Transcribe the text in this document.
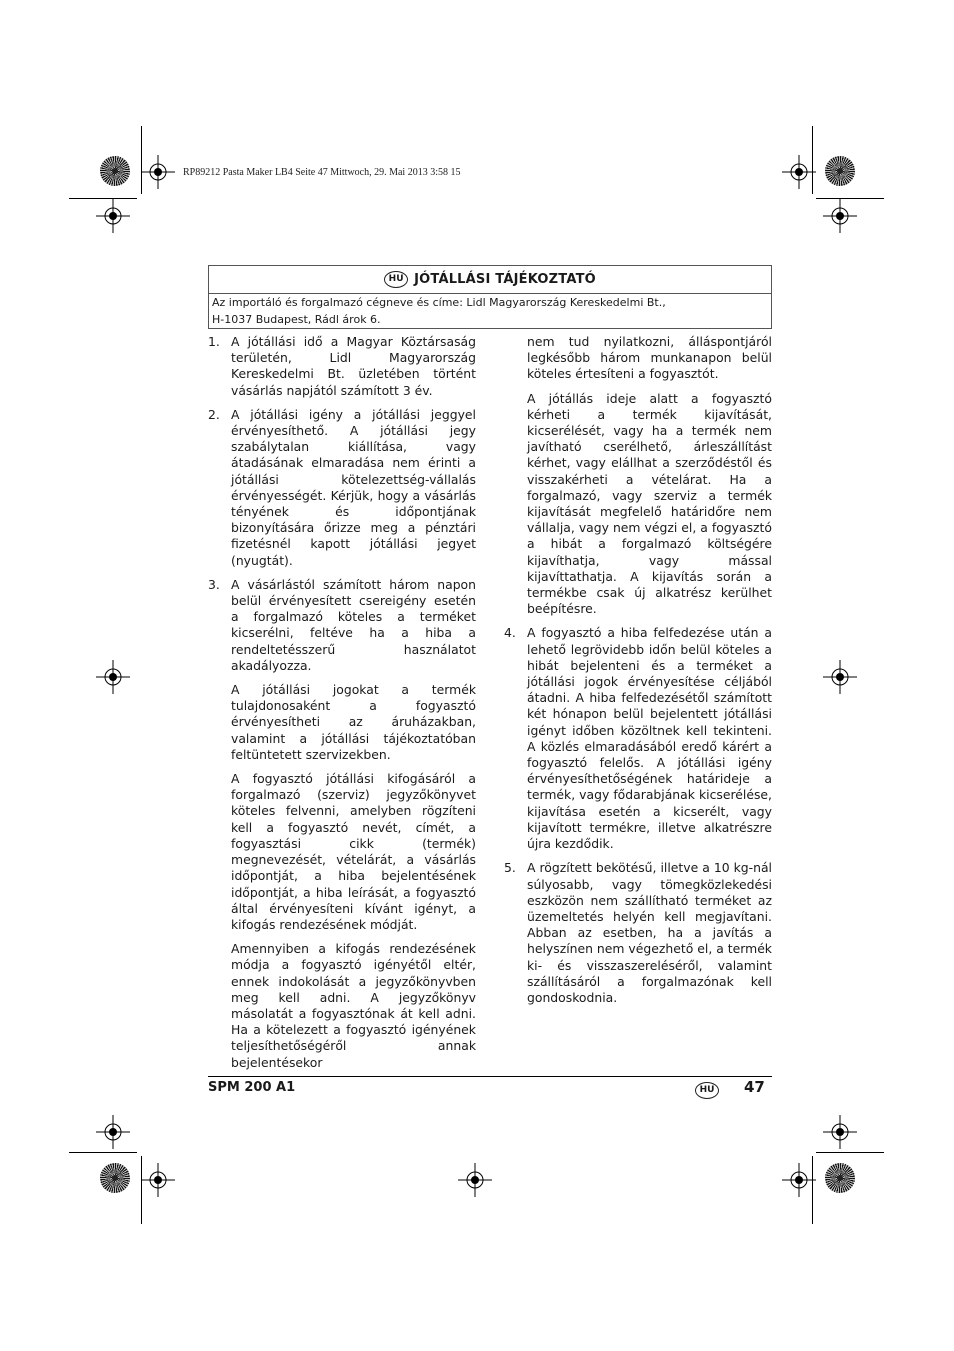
RP89212 Pasta Maker LB4 Seite 47 Mittwoch, 29. Mai 2013 3:58 15
HU JÓTÁLLÁSI TÁJÉKOZTATÓ
Az importáló és forgalmazó cégneve és címe: Lidl Magyarország Kereskedelmi Bt.,
H-1037 Budapest, Rádl árok 6.
1. A jótállási idő a Magyar Köztársaság területén, Lidl Magyarország Kereskedelmi Bt. üzletében történt vásárlás napjától számított 3 év.

2. A jótállási igény a jótállási jeggyel érvényesíthető. A jótállási jegy szabálytalan kiállítása, vagy átadásának elmaradása nem érinti a jótállási kötelezettség-vállalás érvényességét. Kérjük, hogy a vásárlás tényének és időpontjának bizonyítására őrizze meg a pénztári fizetésnél kapott jótállási jegyet (nyugtát).

3. A vásárlástól számított három napon belül érvényesített csereigény esetén a forgalmazó köteles a terméket kicserélni, feltéve ha a hiba a rendeltetésszerű használatot akadályozza.

A jótállási jogokat a termék tulajdonosaként a fogyasztó érvényesítheti az áruházakban, valamint a jótállási tájékoztatóban feltüntetett szervizekben.

A fogyasztó jótállási kifogásáról a forgalmazó (szerviz) jegyzőkönyvet köteles felvenni, amelyben rögzíteni kell a fogyasztó nevét, címét, a fogyasztási cikk (termék) megnevezését, vételárát, a vásárlás időpontját, a hiba bejelentésének időpontját, a hiba leírását, a fogyasztó által érvényesíteni kívánt igényt, a kifogás rendezésének módját.

Amennyiben a kifogás rendezésének módja a fogyasztó igényétől eltér, ennek indokolását a jegyzőkönyvben meg kell adni. A jegyzőkönyv másolatát a fogyasztónak át kell adni. Ha a kötelezett a fogyasztó igényének teljesíthetőségéről annak bejelentésekor

nem tud nyilatkozni, álláspontjáról legkésőbb három munkanapon belül köteles értesíteni a fogyasztót.

A jótállás ideje alatt a fogyasztó kérheti a termék kijavítását, kicserélését, vagy ha a termék nem javítható cserélhető, árleszállítást kérhet, vagy elállhat a szerződéstől és visszakérheti a vételárat. Ha a forgalmazó, vagy szerviz a termék kijavítását megfelelő határidőre nem vállalja, vagy nem végzi el, a fogyasztó a hibát a forgalmazó költségére kijavíthatja, vagy mással kijavíttathatja. A kijavítás során a termékbe csak új alkatrész kerülhet beépítésre.

4. A fogyasztó a hiba felfedezése után a lehető legrövidebb időn belül köteles a hibát bejelenteni és a terméket a jótállási jogok érvényesítése céljából átadni. A hiba felfedezésétől számított két hónapon belül bejelentett jótállási igényt időben közöltnek kell tekinteni. A közlés elmaradásából eredő kárért a fogyasztó felelős. A jótállási igény érvényesíthetőségének határideje a termék, vagy fődarabjának kicserélése, kijavítása esetén a kicserélt, vagy kijavított termékre, illetve alkatrészre újra kezdődik.

5. A rögzített bekötésű, illetve a 10 kg-nál súlyosabb, vagy tömegközlekedési eszközön nem szállítható terméket az üzemeltetés helyén kell megjavítani. Abban az esetben, ha a javítás a helyszínen nem végezhető el, a termék ki- és visszaszereléséről, valamint szállításáról a forgalmazónak kell gondoskodnia.

SPM 200 A1	HU	47
